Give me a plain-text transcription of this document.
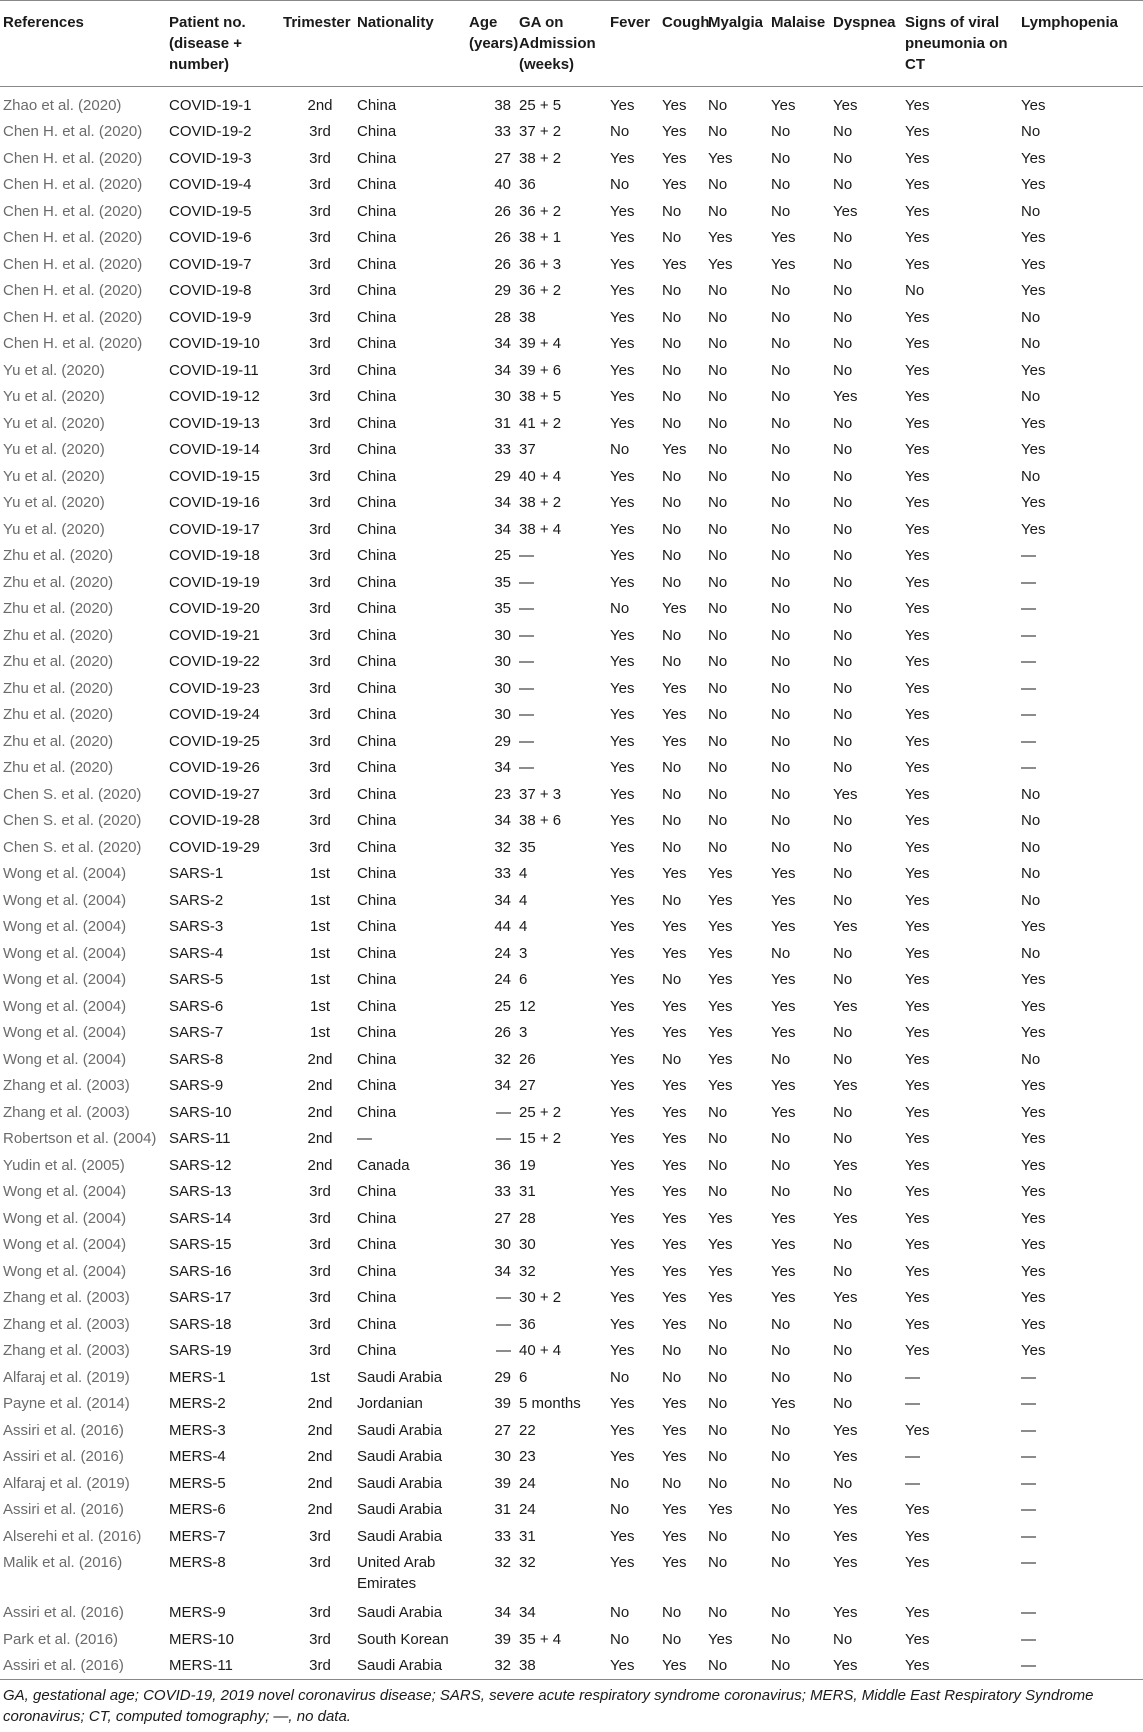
References	Patient no. (disease + number)	Trimester	Nationality	Age (years)	GA on Admission (weeks)	Fever	Cough	Myalgia	Malaise	Dyspnea	Signs of viral pneumonia on CT	Lymphopenia
Zhao et al. (2020)	COVID-19-1	2nd	China	38	25 + 5	Yes	Yes	No	Yes	Yes	Yes	Yes
Chen H. et al. (2020)	COVID-19-2	3rd	China	33	37 + 2	No	Yes	No	No	No	Yes	No
Chen H. et al. (2020)	COVID-19-3	3rd	China	27	38 + 2	Yes	Yes	Yes	No	No	Yes	Yes
Chen H. et al. (2020)	COVID-19-4	3rd	China	40	36	No	Yes	No	No	No	Yes	Yes
Chen H. et al. (2020)	COVID-19-5	3rd	China	26	36 + 2	Yes	No	No	No	Yes	Yes	No
Chen H. et al. (2020)	COVID-19-6	3rd	China	26	38 + 1	Yes	No	Yes	Yes	No	Yes	Yes
Chen H. et al. (2020)	COVID-19-7	3rd	China	26	36 + 3	Yes	Yes	Yes	Yes	No	Yes	Yes
Chen H. et al. (2020)	COVID-19-8	3rd	China	29	36 + 2	Yes	No	No	No	No	No	Yes
Chen H. et al. (2020)	COVID-19-9	3rd	China	28	38	Yes	No	No	No	No	Yes	No
Chen H. et al. (2020)	COVID-19-10	3rd	China	34	39 + 4	Yes	No	No	No	No	Yes	No
Yu et al. (2020)	COVID-19-11	3rd	China	34	39 + 6	Yes	No	No	No	No	Yes	Yes
Yu et al. (2020)	COVID-19-12	3rd	China	30	38 + 5	Yes	No	No	No	Yes	Yes	No
Yu et al. (2020)	COVID-19-13	3rd	China	31	41 + 2	Yes	No	No	No	No	Yes	Yes
Yu et al. (2020)	COVID-19-14	3rd	China	33	37	No	Yes	No	No	No	Yes	Yes
Yu et al. (2020)	COVID-19-15	3rd	China	29	40 + 4	Yes	No	No	No	No	Yes	No
Yu et al. (2020)	COVID-19-16	3rd	China	34	38 + 2	Yes	No	No	No	No	Yes	Yes
Yu et al. (2020)	COVID-19-17	3rd	China	34	38 + 4	Yes	No	No	No	No	Yes	Yes
Zhu et al. (2020)	COVID-19-18	3rd	China	25	—	Yes	No	No	No	No	Yes	—
Zhu et al. (2020)	COVID-19-19	3rd	China	35	—	Yes	No	No	No	No	Yes	—
Zhu et al. (2020)	COVID-19-20	3rd	China	35	—	No	Yes	No	No	No	Yes	—
Zhu et al. (2020)	COVID-19-21	3rd	China	30	—	Yes	No	No	No	No	Yes	—
Zhu et al. (2020)	COVID-19-22	3rd	China	30	—	Yes	No	No	No	No	Yes	—
Zhu et al. (2020)	COVID-19-23	3rd	China	30	—	Yes	Yes	No	No	No	Yes	—
Zhu et al. (2020)	COVID-19-24	3rd	China	30	—	Yes	Yes	No	No	No	Yes	—
Zhu et al. (2020)	COVID-19-25	3rd	China	29	—	Yes	Yes	No	No	No	Yes	—
Zhu et al. (2020)	COVID-19-26	3rd	China	34	—	Yes	No	No	No	No	Yes	—
Chen S. et al. (2020)	COVID-19-27	3rd	China	23	37 + 3	Yes	No	No	No	Yes	Yes	No
Chen S. et al. (2020)	COVID-19-28	3rd	China	34	38 + 6	Yes	No	No	No	No	Yes	No
Chen S. et al. (2020)	COVID-19-29	3rd	China	32	35	Yes	No	No	No	No	Yes	No
Wong et al. (2004)	SARS-1	1st	China	33	4	Yes	Yes	Yes	Yes	No	Yes	No
Wong et al. (2004)	SARS-2	1st	China	34	4	Yes	No	Yes	Yes	No	Yes	No
Wong et al. (2004)	SARS-3	1st	China	44	4	Yes	Yes	Yes	Yes	Yes	Yes	Yes
Wong et al. (2004)	SARS-4	1st	China	24	3	Yes	Yes	Yes	No	No	Yes	No
Wong et al. (2004)	SARS-5	1st	China	24	6	Yes	No	Yes	Yes	No	Yes	Yes
Wong et al. (2004)	SARS-6	1st	China	25	12	Yes	Yes	Yes	Yes	Yes	Yes	Yes
Wong et al. (2004)	SARS-7	1st	China	26	3	Yes	Yes	Yes	Yes	No	Yes	Yes
Wong et al. (2004)	SARS-8	2nd	China	32	26	Yes	No	Yes	No	No	Yes	No
Zhang et al. (2003)	SARS-9	2nd	China	34	27	Yes	Yes	Yes	Yes	Yes	Yes	Yes
Zhang et al. (2003)	SARS-10	2nd	China	—	25 + 2	Yes	Yes	No	Yes	No	Yes	Yes
Robertson et al. (2004)	SARS-11	2nd	—	—	15 + 2	Yes	Yes	No	No	No	Yes	Yes
Yudin et al. (2005)	SARS-12	2nd	Canada	36	19	Yes	Yes	No	No	Yes	Yes	Yes
Wong et al. (2004)	SARS-13	3rd	China	33	31	Yes	Yes	No	No	No	Yes	Yes
Wong et al. (2004)	SARS-14	3rd	China	27	28	Yes	Yes	Yes	Yes	Yes	Yes	Yes
Wong et al. (2004)	SARS-15	3rd	China	30	30	Yes	Yes	Yes	Yes	No	Yes	Yes
Wong et al. (2004)	SARS-16	3rd	China	34	32	Yes	Yes	Yes	Yes	No	Yes	Yes
Zhang et al. (2003)	SARS-17	3rd	China	—	30 + 2	Yes	Yes	Yes	Yes	Yes	Yes	Yes
Zhang et al. (2003)	SARS-18	3rd	China	—	36	Yes	Yes	No	No	No	Yes	Yes
Zhang et al. (2003)	SARS-19	3rd	China	—	40 + 4	Yes	No	No	No	No	Yes	Yes
Alfaraj et al. (2019)	MERS-1	1st	Saudi Arabia	29	6	No	No	No	No	No	—	—
Payne et al. (2014)	MERS-2	2nd	Jordanian	39	5 months	Yes	Yes	No	Yes	No	—	—
Assiri et al. (2016)	MERS-3	2nd	Saudi Arabia	27	22	Yes	Yes	No	No	Yes	Yes	—
Assiri et al. (2016)	MERS-4	2nd	Saudi Arabia	30	23	Yes	Yes	No	No	Yes	—	—
Alfaraj et al. (2019)	MERS-5	2nd	Saudi Arabia	39	24	No	No	No	No	No	—	—
Assiri et al. (2016)	MERS-6	2nd	Saudi Arabia	31	24	No	Yes	Yes	No	Yes	Yes	—
Alserehi et al. (2016)	MERS-7	3rd	Saudi Arabia	33	31	Yes	Yes	No	No	Yes	Yes	—
Malik et al. (2016)	MERS-8	3rd	United Arab Emirates	32	32	Yes	Yes	No	No	Yes	Yes	—
Assiri et al. (2016)	MERS-9	3rd	Saudi Arabia	34	34	No	No	No	No	Yes	Yes	—
Park et al. (2016)	MERS-10	3rd	South Korean	39	35 + 4	No	No	Yes	No	No	Yes	—
Assiri et al. (2016)	MERS-11	3rd	Saudi Arabia	32	38	Yes	Yes	No	No	Yes	Yes	—
GA, gestational age; COVID-19, 2019 novel coronavirus disease; SARS, severe acute respiratory syndrome coronavirus; MERS, Middle East Respiratory Syndrome coronavirus; CT, computed tomography; —, no data.
